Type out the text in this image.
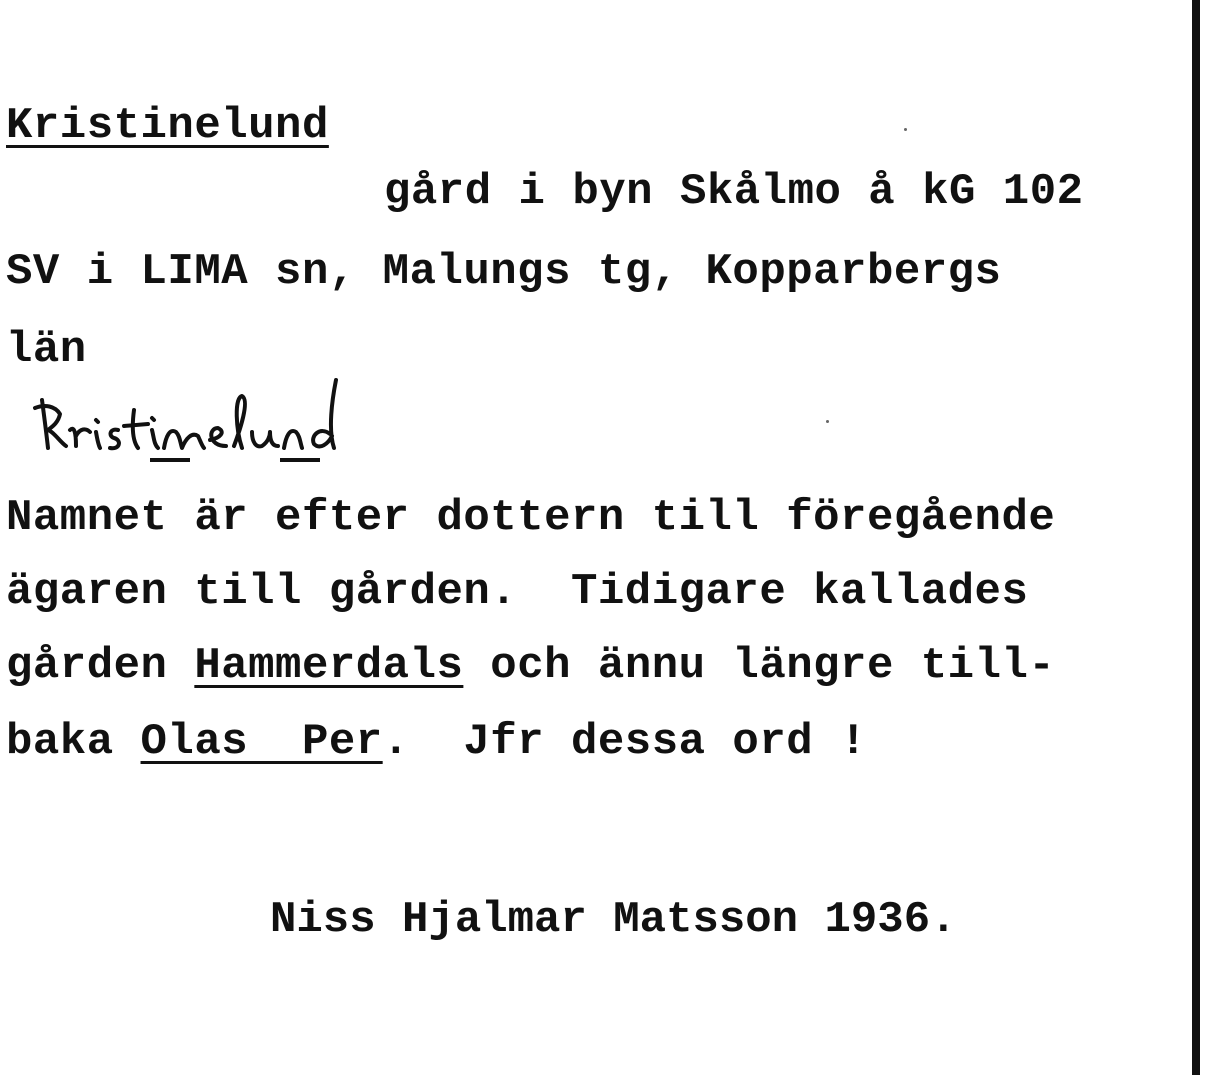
Kristinelund
gård i byn Skålmo å kG 102
SV i LIMA sn, Malungs tg, Kopparbergs
län
Namnet är efter dottern till föregående
ägaren till gården.  Tidigare kallades
gården Hammerdals och ännu längre till-
baka Olas  Per.  Jfr dessa ord !
Niss Hjalmar Matsson 1936.
